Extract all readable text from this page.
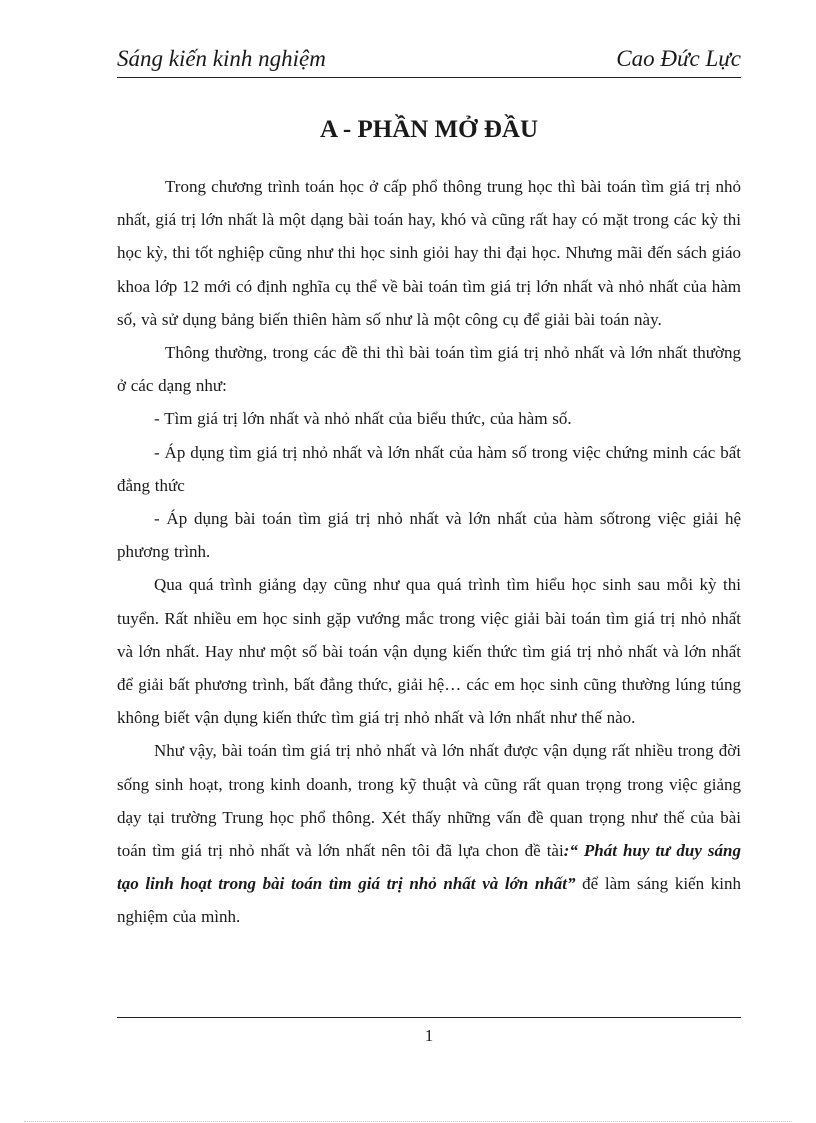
Sáng kiến kinh nghiệm	Cao Đức Lực
A - PHẦN MỞ ĐẦU

Trong chương trình toán học ở cấp phổ thông trung học thì bài toán tìm giá trị nhỏ nhất, giá trị lớn nhất là một dạng bài toán hay, khó và cũng rất hay có mặt trong các kỳ thi học kỳ, thi tốt nghiệp cũng như thi học sinh giỏi hay thi đại học. Nhưng mãi đến sách giáo khoa lớp 12 mới có định nghĩa cụ thể về bài toán tìm giá trị lớn nhất và nhỏ nhất của hàm số, và sử dụng bảng biến thiên hàm số như là một công cụ để giải bài toán này.

Thông thường, trong các đề thi thì bài toán tìm giá trị nhỏ nhất và lớn nhất thường ở các dạng như:

- Tìm giá trị lớn nhất và nhỏ nhất của biểu thức, của hàm số.

- Áp dụng tìm giá trị nhỏ nhất và lớn nhất của hàm số trong việc chứng minh các bất đẳng thức

- Áp dụng bài toán tìm giá trị nhỏ nhất và lớn nhất của hàm sốtrong việc giải hệ phương trình.

Qua quá trình giảng dạy cũng như qua quá trình tìm hiểu học sinh sau mỗi kỳ thi tuyển. Rất nhiều em học sinh gặp vướng mắc trong việc giải bài toán tìm giá trị nhỏ nhất và lớn nhất. Hay như một số bài toán vận dụng kiến thức tìm giá trị nhỏ nhất và lớn nhất để giải bất phương trình, bất đẳng thức, giải hệ… các em học sinh cũng thường lúng túng không biết vận dụng kiến thức tìm giá trị nhỏ nhất và lớn nhất như thế nào.

Như vậy, bài toán tìm giá trị nhỏ nhất và lớn nhất được vận dụng rất nhiều trong đời sống sinh hoạt, trong kinh doanh, trong kỹ thuật và cũng rất quan trọng trong việc giảng dạy tại trường Trung học phổ thông. Xét thấy những vấn đề quan trọng như thế của bài toán tìm giá trị nhỏ nhất và lớn nhất nên tôi đã lựa chon đề tài:“ Phát huy tư duy sáng tạo linh hoạt trong bài toán tìm giá trị nhỏ nhất và lớn nhất” để làm sáng kiến kinh nghiệm của mình.

1
